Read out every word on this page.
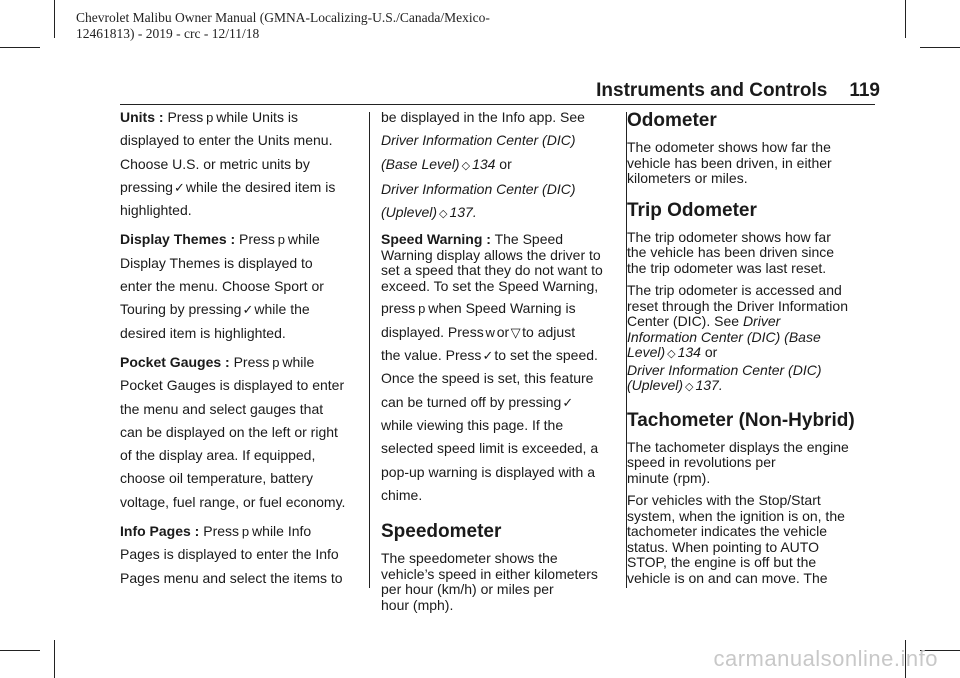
Chevrolet Malibu Owner Manual (GMNA-Localizing-U.S./Canada/Mexico-
12461813) - 2019 - crc - 12/11/18
Instruments and Controls 119

Units : Press p while Units is
displayed to enter the Units menu.
Choose U.S. or metric units by
pressing✓while the desired item is
highlighted.

Display Themes : Press p while
Display Themes is displayed to
enter the menu. Choose Sport or
Touring by pressing✓while the
desired item is highlighted.

Pocket Gauges : Press p while
Pocket Gauges is displayed to enter
the menu and select gauges that
can be displayed on the left or right
of the display area. If equipped,
choose oil temperature, battery
voltage, fuel range, or fuel economy.

Info Pages : Press p while Info
Pages is displayed to enter the Info
Pages menu and select the items to

be displayed in the Info app. See
Driver Information Center (DIC)
(Base Level) ◇ 134 or
Driver Information Center (DIC)
(Uplevel) ◇ 137.

Speed Warning : The Speed
Warning display allows the driver to
set a speed that they do not want to
exceed. To set the Speed Warning,

press p when Speed Warning is
displayed. Press w or ▽ to adjust
the value. Press✓to set the speed.
Once the speed is set, this feature
can be turned off by pressing✓
while viewing this page. If the
selected speed limit is exceeded, a
pop-up warning is displayed with a
chime.

Speedometer

The speedometer shows the
vehicle’s speed in either kilometers
per hour (km/h) or miles per
hour (mph).

Odometer

The odometer shows how far the
vehicle has been driven, in either
kilometers or miles.

Trip Odometer

The trip odometer shows how far
the vehicle has been driven since
the trip odometer was last reset.

The trip odometer is accessed and
reset through the Driver Information
Center (DIC). See Driver
Information Center (DIC) (Base
Level) ◇ 134 or
Driver Information Center (DIC)
(Uplevel) ◇ 137.

Tachometer (Non-Hybrid)

The tachometer displays the engine
speed in revolutions per
minute (rpm).

For vehicles with the Stop/Start
system, when the ignition is on, the
tachometer indicates the vehicle
status. When pointing to AUTO
STOP, the engine is off but the
vehicle is on and can move. The

carmanualsonline.info
